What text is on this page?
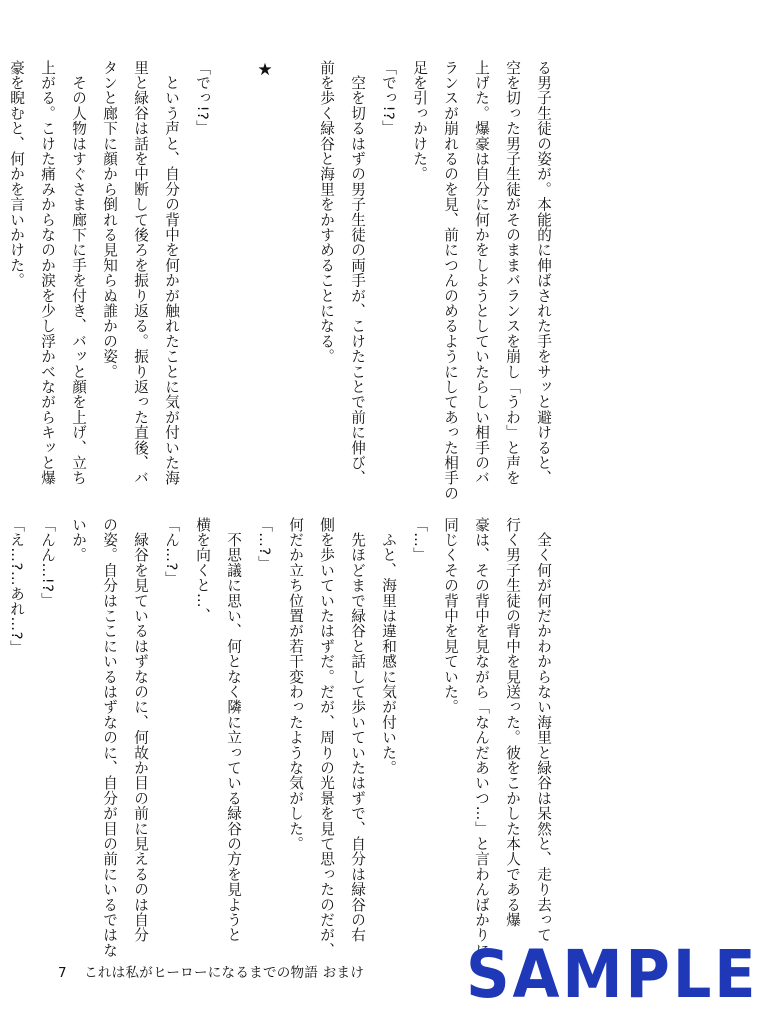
る男子生徒の姿が。本能的に伸ばされた手をサッと避けると、
空を切った男子生徒がそのままバランスを崩し「うわ」と声を
上げた。爆豪は自分に何かをしようとしていたらしい相手のバ
ランスが崩れるのを見、前につんのめるようにしてあった相手の
足を引っかけた。
「でっ!?」
　空を切るはずの男子生徒の両手が、こけたことで前に伸び、
前を歩く緑谷と海里をかすめることになる。
★
「でっ!?」
　という声と、自分の背中を何かが触れたことに気が付いた海
里と緑谷は話を中断して後ろを振り返る。振り返った直後、バ
タンと廊下に顔から倒れる見知らぬ誰かの姿。
　その人物はすぐさま廊下に手を付き、バッと顔を上げ、立ち
上がる。こけた痛みからなのか涙を少し浮かべながらキッと爆
豪を睨むと、何かを言いかけた。
　全く何が何だかわからない海里と緑谷は呆然と、走り去って
行く男子生徒の背中を見送った。彼をこかした本人である爆
豪は、その背中を見ながら「なんだあいつ…」と言わんばかりに
同じくその背中を見ていた。
「…」
　ふと、海里は違和感に気が付いた。
　先ほどまで緑谷と話して歩いていたはずで、自分は緑谷の右
側を歩いていたはずだ。だが、周りの光景を見て思ったのだが、
何だか立ち位置が若干変わったような気がした。
「…?」
　不思議に思い、何となく隣に立っている緑谷の方を見ようと
横を向くと…、
「ん…?」
　緑谷を見ているはずなのに、何故か目の前に見えるのは自分
の姿。自分はここにいるはずなのに、自分が目の前にいるではな
いか。
「んん…!?」
「え…?…あれ…?」
7 これは私がヒーローになるまでの物語 おまけ SAMPLE
